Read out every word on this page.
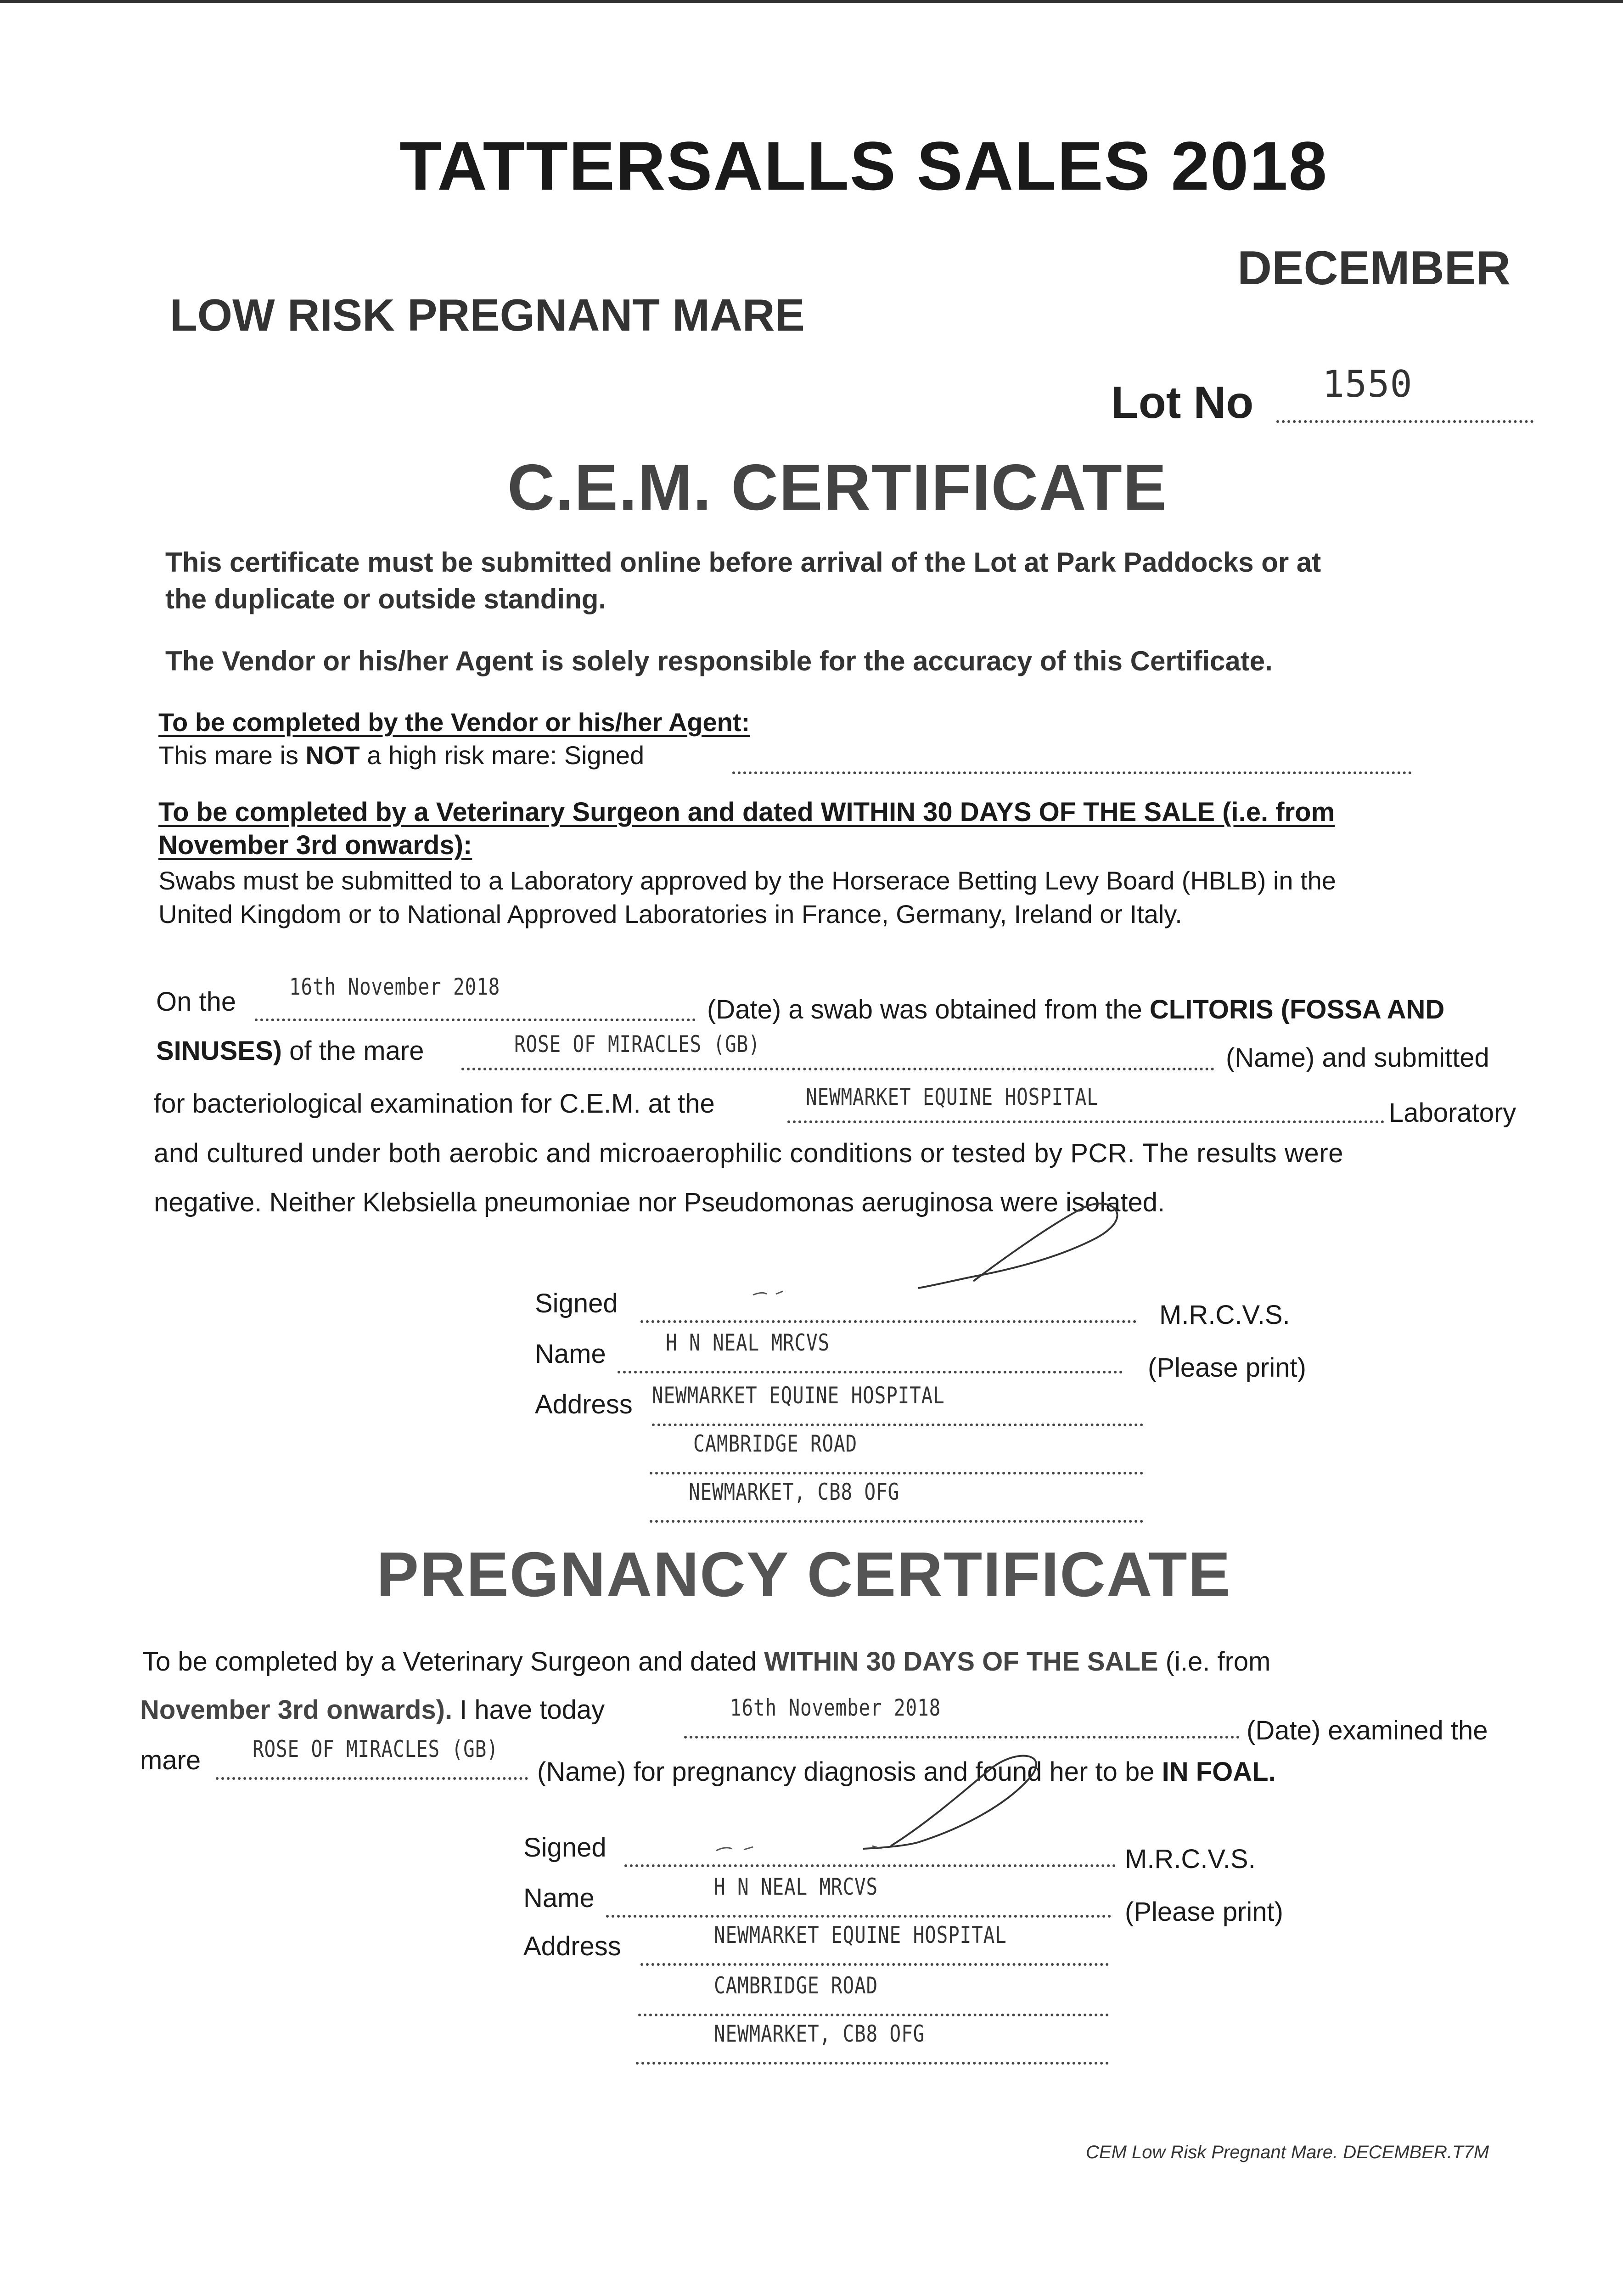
TATTERSALLS SALES 2018
DECEMBER
LOW RISK PREGNANT MARE
Lot No 1550
C.E.M. CERTIFICATE
This certificate must be submitted online before arrival of the Lot at Park Paddocks or at
the duplicate or outside standing.
The Vendor or his/her Agent is solely responsible for the accuracy of this Certificate.
To be completed by the Vendor or his/her Agent:
This mare is NOT a high risk mare: Signed
To be completed by a Veterinary Surgeon and dated WITHIN 30 DAYS OF THE SALE (i.e. from
November 3rd onwards):
Swabs must be submitted to a Laboratory approved by the Horserace Betting Levy Board (HBLB) in the
United Kingdom or to National Approved Laboratories in France, Germany, Ireland or Italy.
On the 16th November 2018
(Date) a swab was obtained from the CLITORIS (FOSSA AND
SINUSES) of the mare	ROSE OF MIRACLES (GB)	(Name) and submitted
for bacteriological examination for C.E.M. at the	NEWMARKET EQUINE HOSPITAL
Laboratory
and cultured under both aerobic and microaerophilic conditions or tested by PCR. The results were
negative. Neither Klebsiella pneumoniae nor Pseudomonas aeruginosa were isolated.
Signed	M.R.C.V.S.
Name	H N NEAL MRCVS
(Please print)
Address NEWMARKET EQUINE HOSPITAL
CAMBRIDGE ROAD
NEWMARKET, CB8 OFG
PREGNANCY CERTIFICATE
To be completed by a Veterinary Surgeon and dated WITHIN 30 DAYS OF THE SALE (i.e. from
November 3rd onwards). I have today	16th November 2018
(Date) examined the
mare ROSE OF MIRACLES (GB)
(Name) for pregnancy diagnosis and found her to be IN FOAL.
Signed	M.R.C.V.S.
Name	H N NEAL MRCVS
(Please print)
Address	NEWMARKET EQUINE HOSPITAL
CAMBRIDGE ROAD
NEWMARKET, CB8 OFG
CEM Low Risk Pregnant Mare. DECEMBER.T7M
